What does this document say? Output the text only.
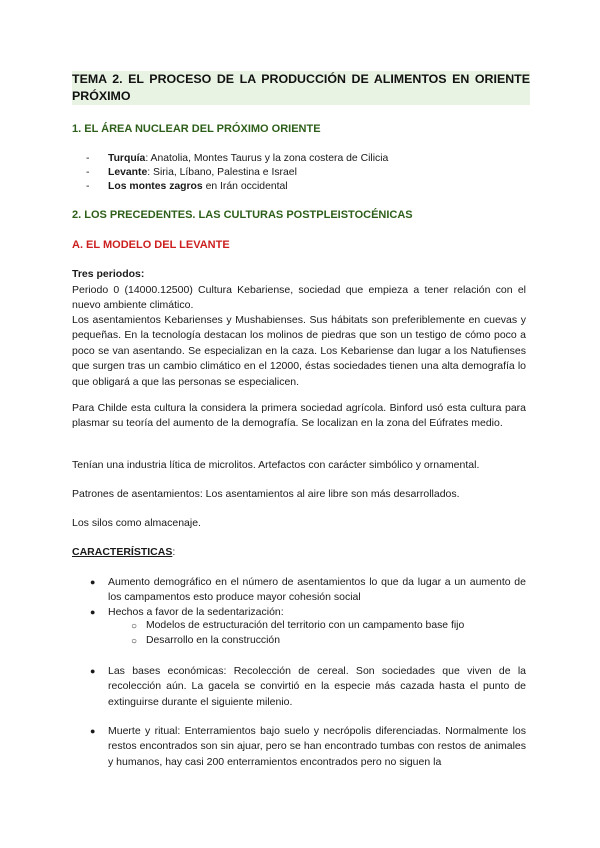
TEMA 2. EL PROCESO DE LA PRODUCCIÓN DE ALIMENTOS EN ORIENTE PRÓXIMO
1. EL ÁREA NUCLEAR DEL PRÓXIMO ORIENTE
- Turquía: Anatolia, Montes Taurus y la zona costera de Cilicia
- Levante: Siria, Líbano, Palestina e Israel
- Los montes zagros en Irán occidental
2. LOS PRECEDENTES. LAS CULTURAS POSTPLEISTOCÉNICAS
A. EL MODELO DEL LEVANTE
Tres periodos:
Periodo 0 (14000.12500) Cultura Kebariense, sociedad que empieza a tener relación con el nuevo ambiente climático.
Los asentamientos Kebarienses y Mushabienses. Sus hábitats son preferiblemente en cuevas y pequeñas. En la tecnología destacan los molinos de piedras que son un testigo de cómo poco a poco se van asentando. Se especializan en la caza. Los Kebariense dan lugar a los Natufienses que surgen tras un cambio climático en el 12000, éstas sociedades tienen una alta demografía lo que obligará a que las personas se especialicen.
Para Childe esta cultura la considera la primera sociedad agrícola. Binford usó esta cultura para plasmar su teoría del aumento de la demografía. Se localizan en la zona del Eúfrates medio.
Tenían una industria lítica de microlitos. Artefactos con carácter simbólico y ornamental.
Patrones de asentamientos: Los asentamientos al aire libre son más desarrollados.
Los silos como almacenaje.
CARACTERÍSTICAS:
● Aumento demográfico en el número de asentamientos lo que da lugar a un aumento de los campamentos esto produce mayor cohesión social
● Hechos a favor de la sedentarización:
○ Modelos de estructuración del territorio con un campamento base fijo
○ Desarrollo en la construcción
● Las bases económicas: Recolección de cereal. Son sociedades que viven de la recolección aún. La gacela se convirtió en la especie más cazada hasta el punto de extinguirse durante el siguiente milenio.
● Muerte y ritual: Enterramientos bajo suelo y necrópolis diferenciadas. Normalmente los restos encontrados son sin ajuar, pero se han encontrado tumbas con restos de animales y humanos, hay casi 200 enterramientos encontrados pero no siguen la
